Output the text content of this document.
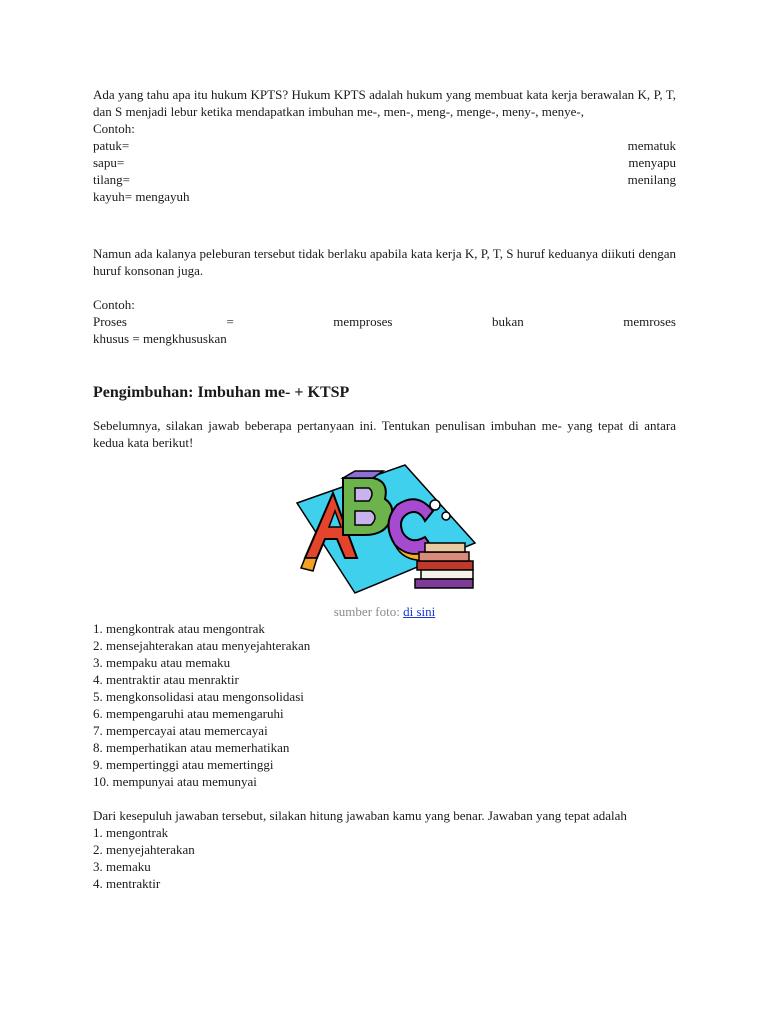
Ada yang tahu apa itu hukum KPTS? Hukum KPTS adalah hukum yang membuat kata kerja berawalan K, P, T, dan S menjadi lebur ketika mendapatkan imbuhan me-, men-, meng-, menge-, meny-, menye-,

Contoh:

patuk=	mematuk
sapu=	menyapu
tilang=	menilang

kayuh= mengayuh

Namun ada kalanya peleburan tersebut tidak berlaku apabila kata kerja K, P, T, S huruf keduanya diikuti dengan huruf konsonan juga.

Contoh:

Proses	=	memproses	bukan	memroses

khusus = mengkhususkan

Pengimbuhan: Imbuhan me- + KTSP

Sebelumnya, silakan jawab beberapa pertanyaan ini. Tentukan penulisan imbuhan me- yang tepat di antara kedua kata berikut!

sumber foto: di sini
1. mengkontrak atau mengontrak
2. mensejahterakan atau menyejahterakan
3. mempaku atau memaku
4. mentraktir atau menraktir
5. mengkonsolidasi atau mengonsolidasi
6. mempengaruhi atau memengaruhi
7. mempercayai atau memercayai
8. memperhatikan atau memerhatikan
9. mempertinggi atau memertinggi
10. mempunyai atau memunyai

Dari kesepuluh jawaban tersebut, silakan hitung jawaban kamu yang benar. Jawaban yang tepat adalah

1. mengontrak
2. menyejahterakan
3. memaku
4. mentraktir
